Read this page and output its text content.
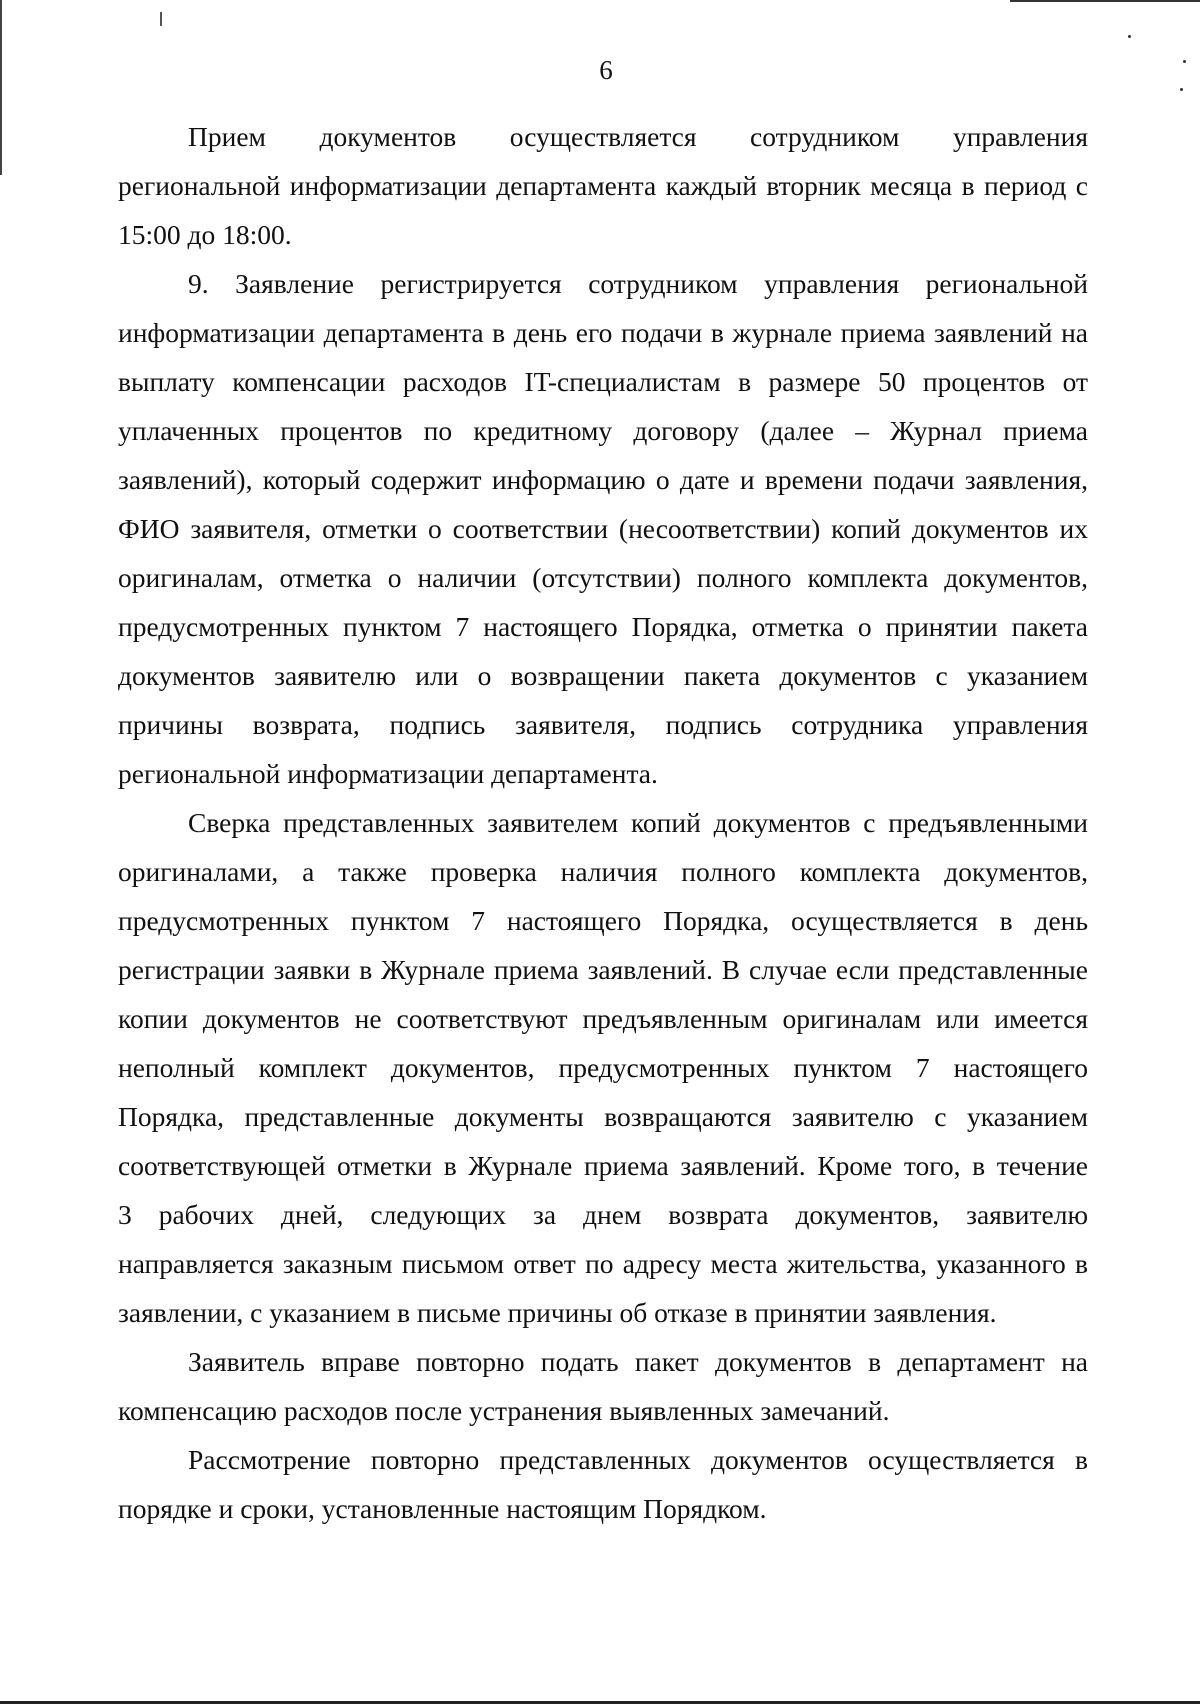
6
Прием документов осуществляется сотрудником управления
региональной информатизации департамента каждый вторник месяца в период с
15:00 до 18:00.
9. Заявление регистрируется сотрудником управления региональной
информатизации департамента в день его подачи в журнале приема заявлений на
выплату компенсации расходов IT-специалистам в размере 50 процентов от
уплаченных процентов по кредитному договору (далее – Журнал приема
заявлений), который содержит информацию о дате и времени подачи заявления,
ФИО заявителя, отметки о соответствии (несоответствии) копий документов их
оригиналам, отметка о наличии (отсутствии) полного комплекта документов,
предусмотренных пунктом 7 настоящего Порядка, отметка о принятии пакета
документов заявителю или о возвращении пакета документов с указанием
причины возврата, подпись заявителя, подпись сотрудника управления
региональной информатизации департамента.
Сверка представленных заявителем копий документов с предъявленными
оригиналами, а также проверка наличия полного комплекта документов,
предусмотренных пунктом 7 настоящего Порядка, осуществляется в день
регистрации заявки в Журнале приема заявлений. В случае если представленные
копии документов не соответствуют предъявленным оригиналам или имеется
неполный комплект документов, предусмотренных пунктом 7 настоящего
Порядка, представленные документы возвращаются заявителю с указанием
соответствующей отметки в Журнале приема заявлений. Кроме того, в течение
3 рабочих дней, следующих за днем возврата документов, заявителю
направляется заказным письмом ответ по адресу места жительства, указанного в
заявлении, с указанием в письме причины об отказе в принятии заявления.
Заявитель вправе повторно подать пакет документов в департамент на
компенсацию расходов после устранения выявленных замечаний.
Рассмотрение повторно представленных документов осуществляется в
порядке и сроки, установленные настоящим Порядком.
